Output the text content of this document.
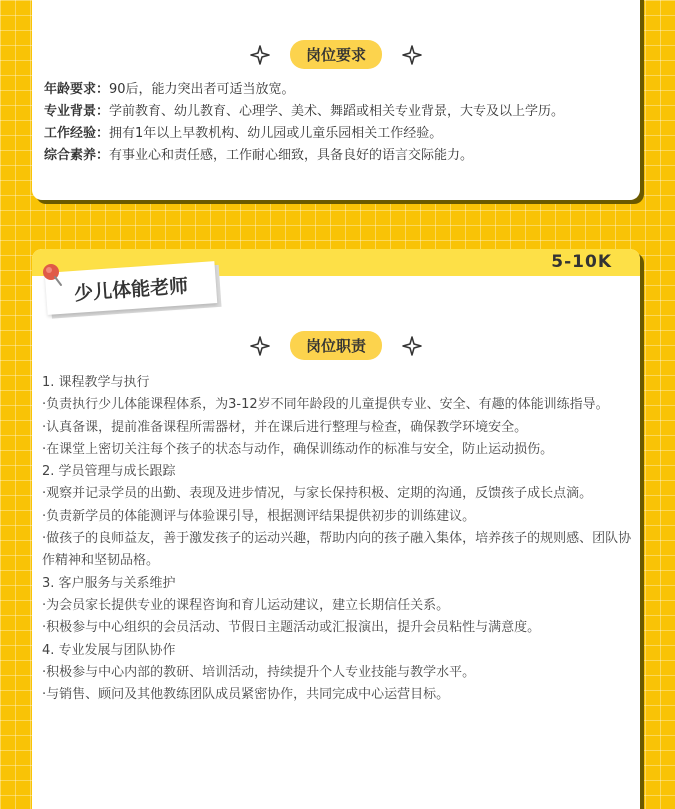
岗位要求
年龄要求：90后，能力突出者可适当放宽。
专业背景：学前教育、幼儿教育、心理学、美术、舞蹈或相关专业背景，大专及以上学历。
工作经验：拥有1年以上早教机构、幼儿园或儿童乐园相关工作经验。
综合素养：有事业心和责任感，工作耐心细致，具备良好的语言交际能力。
5-10K
少儿体能老师
岗位职责
1. 课程教学与执行
·负责执行少儿体能课程体系，为3-12岁不同年龄段的儿童提供专业、安全、有趣的体能训练指导。
·认真备课，提前准备课程所需器材，并在课后进行整理与检查，确保教学环境安全。
·在课堂上密切关注每个孩子的状态与动作，确保训练动作的标准与安全，防止运动损伤。
2. 学员管理与成长跟踪
·观察并记录学员的出勤、表现及进步情况，与家长保持积极、定期的沟通，反馈孩子成长点滴。
·负责新学员的体能测评与体验课引导，根据测评结果提供初步的训练建议。
·做孩子的良师益友，善于激发孩子的运动兴趣，帮助内向的孩子融入集体，培养孩子的规则感、团队协作精神和坚韧品格。
3. 客户服务与关系维护
·为会员家长提供专业的课程咨询和育儿运动建议，建立长期信任关系。
·积极参与中心组织的会员活动、节假日主题活动或汇报演出，提升会员粘性与满意度。
4. 专业发展与团队协作
·积极参与中心内部的教研、培训活动，持续提升个人专业技能与教学水平。
·与销售、顾问及其他教练团队成员紧密协作，共同完成中心运营目标。
